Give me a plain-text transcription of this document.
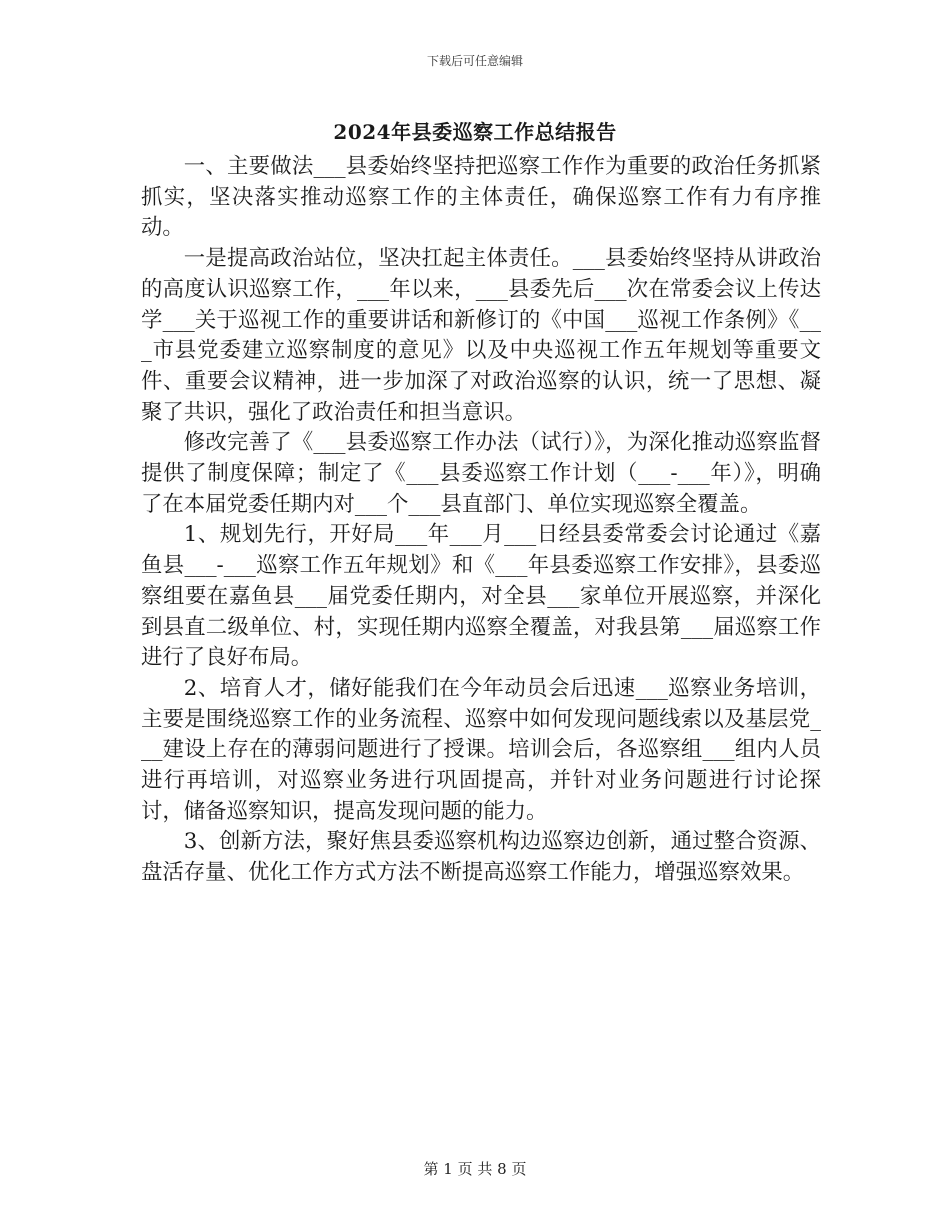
下载后可任意编辑
2024年县委巡察工作总结报告

一、主要做法___县委始终坚持把巡察工作作为重要的政治任务抓紧抓实，坚决落实推动巡察工作的主体责任，确保巡察工作有力有序推动。

一是提高政治站位，坚决扛起主体责任。___县委始终坚持从讲政治的高度认识巡察工作，___年以来，___县委先后___次在常委会议上传达学___关于巡视工作的重要讲话和新修订的《中国___巡视工作条例》《___市县党委建立巡察制度的意见》以及中央巡视工作五年规划等重要文件、重要会议精神，进一步加深了对政治巡察的认识，统一了思想、凝聚了共识，强化了政治责任和担当意识。

修改完善了《___县委巡察工作办法（试行）》，为深化推动巡察监督提供了制度保障；制定了《___县委巡察工作计划（___-___年）》，明确了在本届党委任期内对___个___县直部门、单位实现巡察全覆盖。

1、规划先行，开好局___年___月___日经县委常委会讨论通过《嘉鱼县___-___巡察工作五年规划》和《___年县委巡察工作安排》，县委巡察组要在嘉鱼县___届党委任期内，对全县___家单位开展巡察，并深化到县直二级单位、村，实现任期内巡察全覆盖，对我县第___届巡察工作进行了良好布局。

2、培育人才，储好能我们在今年动员会后迅速___巡察业务培训，主要是围绕巡察工作的业务流程、巡察中如何发现问题线索以及基层党___建设上存在的薄弱问题进行了授课。培训会后，各巡察组___组内人员进行再培训，对巡察业务进行巩固提高，并针对业务问题进行讨论探讨，储备巡察知识，提高发现问题的能力。

3、创新方法，聚好焦县委巡察机构边巡察边创新，通过整合资源、盘活存量、优化工作方式方法不断提高巡察工作能力，增强巡察效果。

第 1 页 共 8 页
